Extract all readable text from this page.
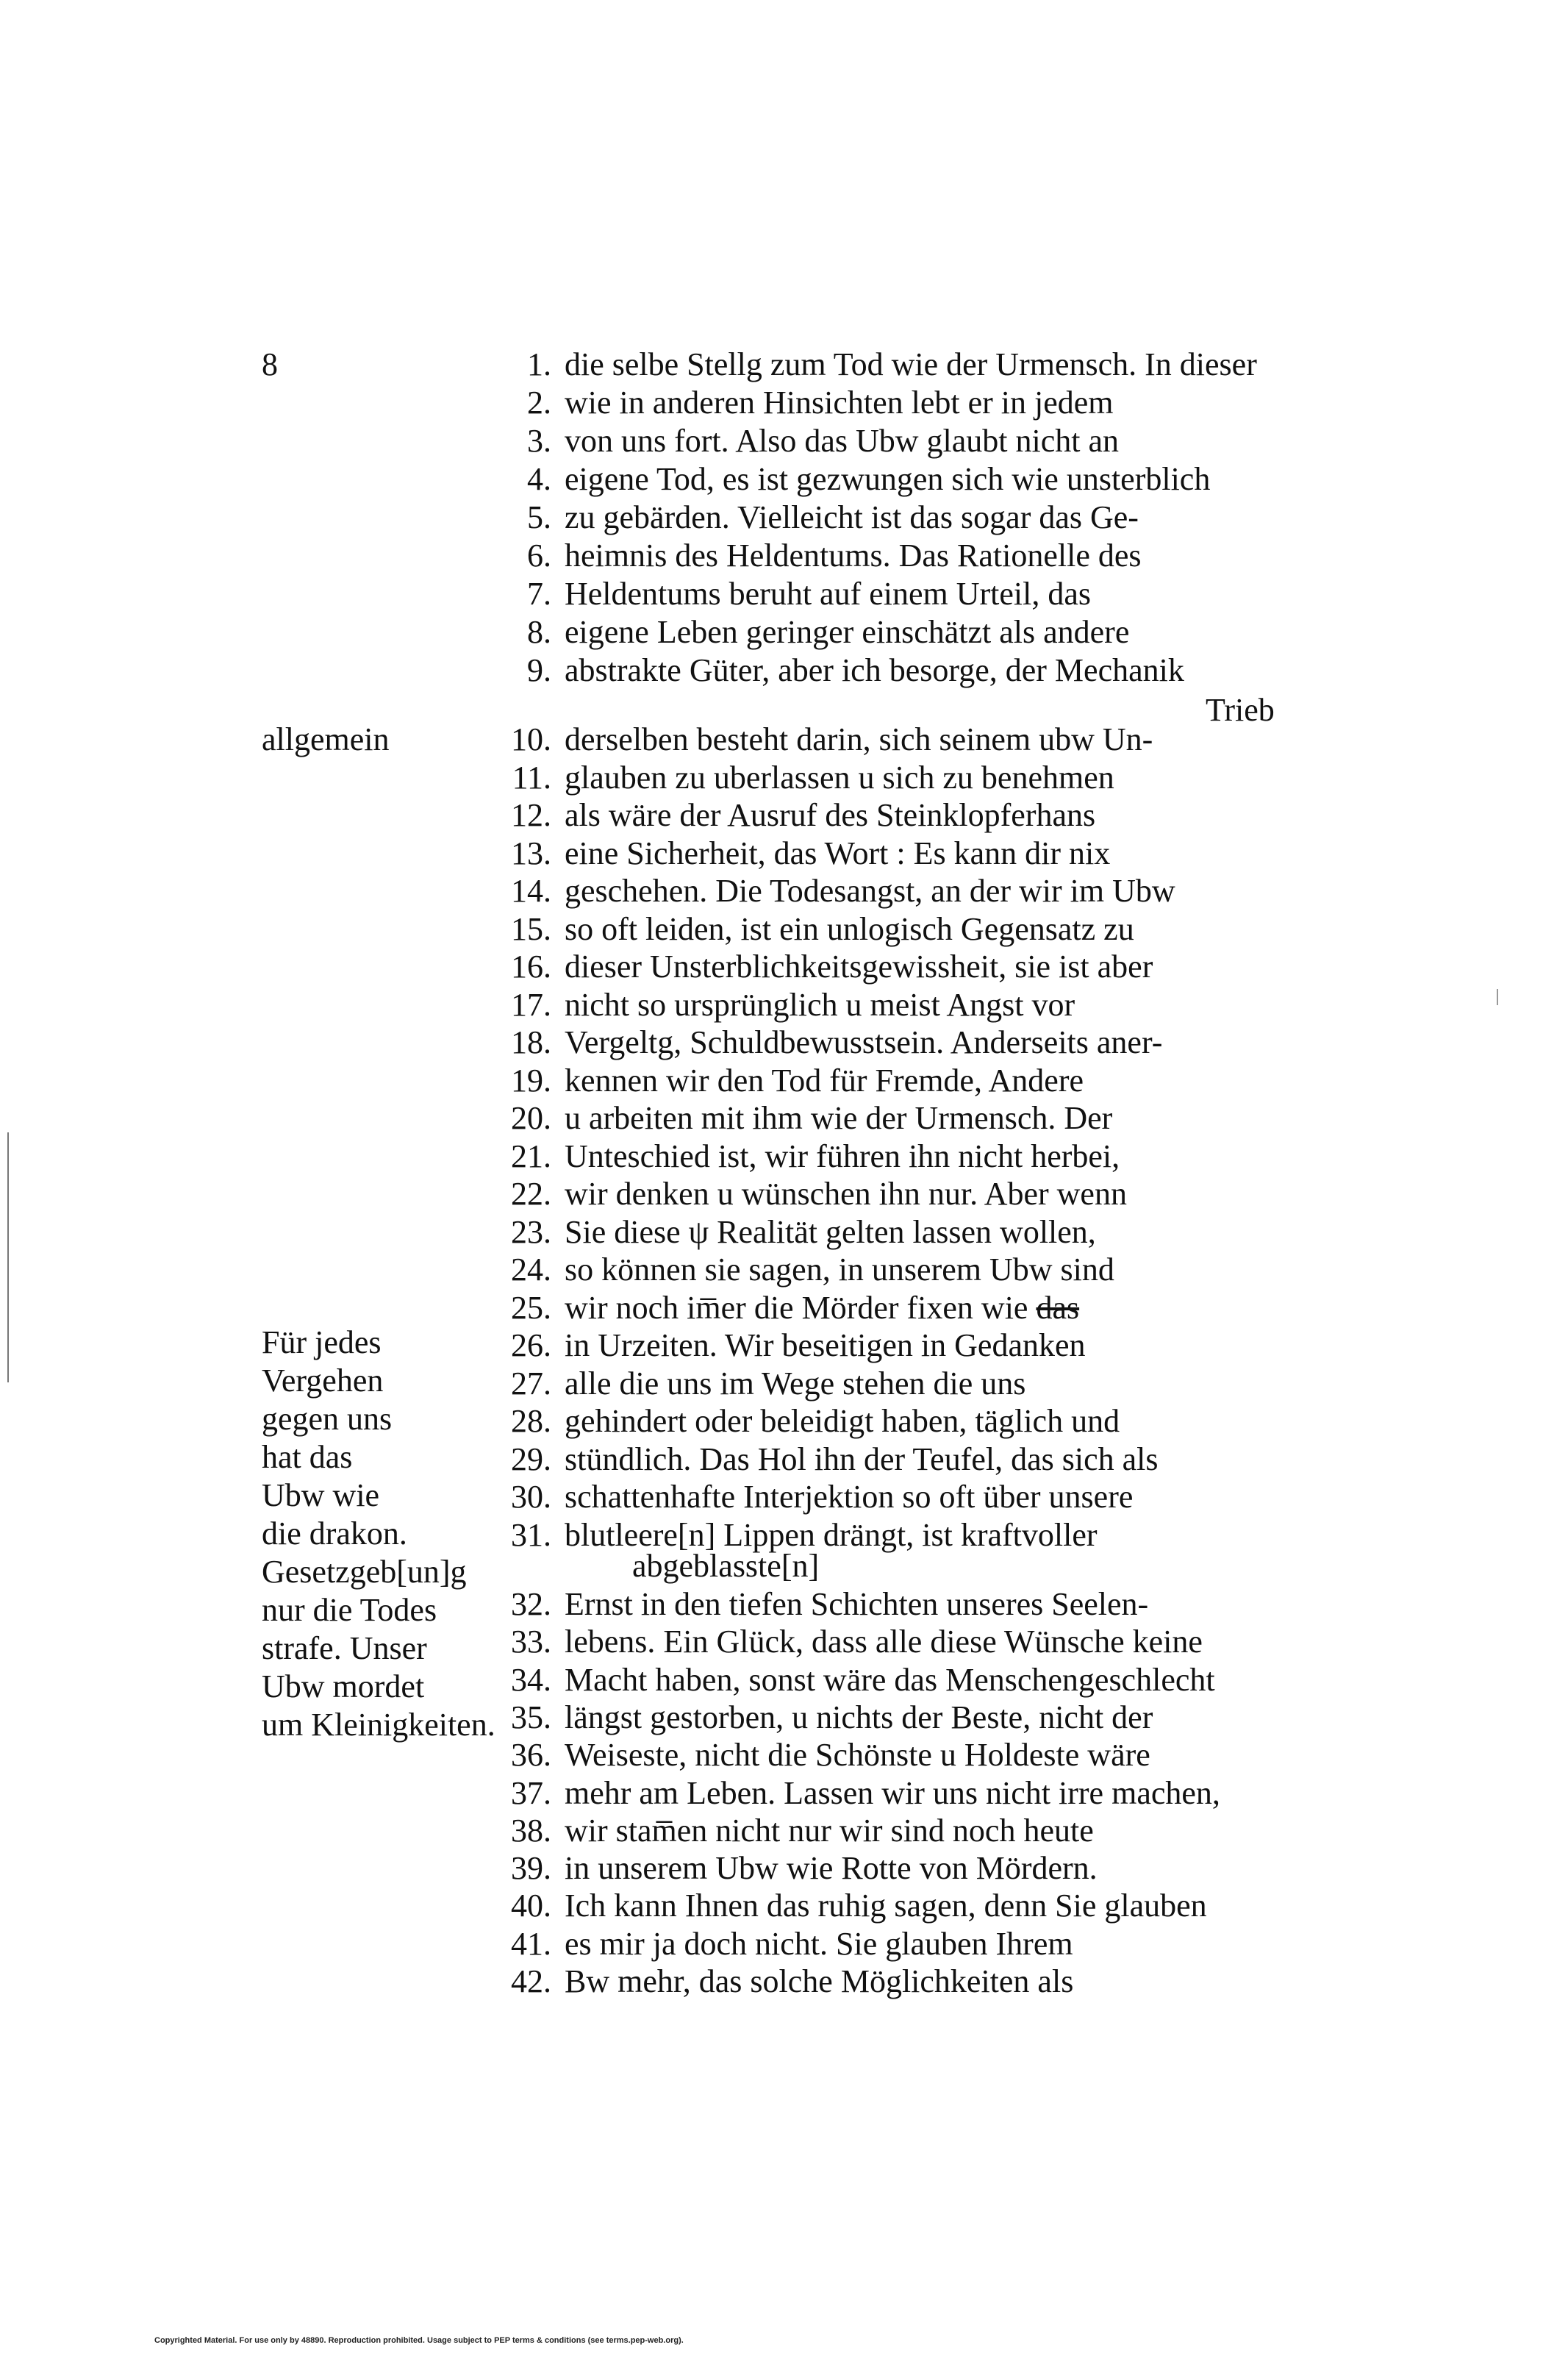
8
allgemein
Für jedes
Vergehen
gegen uns
hat das
Ubw wie
die drakon.
Gesetzgeb[un]g
nur die Todes
strafe. Unser
Ubw mordet
um Kleinigkeiten.
1. die selbe Stellg zum Tod wie der Urmensch. In dieser
2. wie in anderen Hinsichten lebt er in jedem
3. von uns fort. Also das Ubw glaubt nicht an
4. eigene Tod, es ist gezwungen sich wie unsterblich
5. zu gebärden. Vielleicht ist das sogar das Ge-
6. heimnis des Heldentums. Das Rationelle des
7. Heldentums beruht auf einem Urteil, das
8. eigene Leben geringer einschätzt als andere
9. abstrakte Güter, aber ich besorge, der Mechanik
10. derselben besteht darin, sich seinem ubw Un-
11. glauben zu uberlassen u sich zu benehmen
12. als wäre der Ausruf des Steinklopferhans
13. eine Sicherheit, das Wort : Es kann dir nix
14. geschehen. Die Todesangst, an der wir im Ubw
15. so oft leiden, ist ein unlogisch Gegensatz zu
16. dieser Unsterblichkeitsgewissheit, sie ist aber
17. nicht so ursprünglich u meist Angst vor
18. Vergeltg, Schuldbewusstsein. Anderseits aner-
19. kennen wir den Tod für Fremde, Andere
20. u arbeiten mit ihm wie der Urmensch. Der
21. Unteschied ist, wir führen ihn nicht herbei,
22. wir denken u wünschen ihn nur. Aber wenn
23. Sie diese ψ Realität gelten lassen wollen,
24. so können sie sagen, in unserem Ubw sind
25. wir noch im̅er die Mörder fixen wie das
26. in Urzeiten. Wir beseitigen in Gedanken
27. alle die uns im Wege stehen die uns
28. gehindert oder beleidigt haben, täglich und
29. stündlich. Das Hol ihn der Teufel, das sich als
30. schattenhafte Interjektion so oft über unsere
31. blutleere[n] Lippen drängt, ist kraftvoller
32. Ernst in den tiefen Schichten unseres Seelen-
33. lebens. Ein Glück, dass alle diese Wünsche keine
34. Macht haben, sonst wäre das Menschengeschlecht
35. längst gestorben, u nichts der Beste, nicht der
36. Weiseste, nicht die Schönste u Holdeste wäre
37. mehr am Leben. Lassen wir uns nicht irre machen,
38. wir stam̅en nicht nur wir sind noch heute
39. in unserem Ubw wie Rotte von Mördern.
40. Ich kann Ihnen das ruhig sagen, denn Sie glauben
41. es mir ja doch nicht. Sie glauben Ihrem
42. Bw mehr, das solche Möglichkeiten als
Trieb
abgeblasste[n]
Copyrighted Material. For use only by 48890. Reproduction prohibited. Usage subject to PEP terms & conditions (see terms.pep-web.org).
